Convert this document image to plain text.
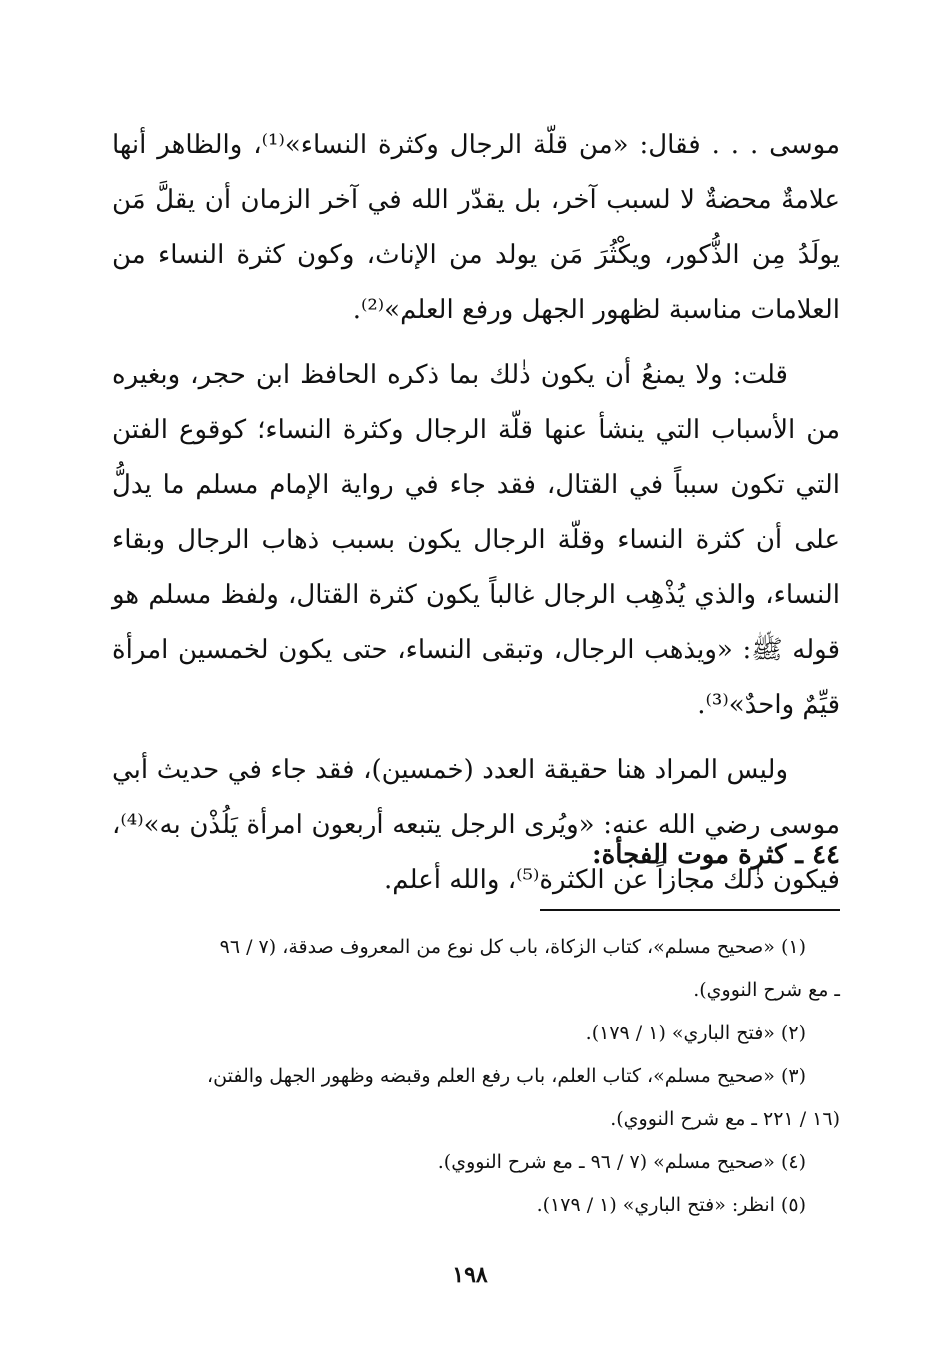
موسى . . . فقال: «من قلّة الرجال وكثرة النساء»⁽¹⁾، والظاهر أنها علامةٌ محضةٌ لا لسبب آخر، بل يقدّر الله في آخر الزمان أن يقلَّ مَن يولَدُ مِن الذُّكور، ويكْثُرَ مَن يولد من الإناث، وكون كثرة النساء من العلامات مناسبة لظهور الجهل ورفع العلم»⁽²⁾.

قلت: ولا يمنعُ أن يكون ذٰلك بما ذكره الحافظ ابن حجر، وبغيره من الأسباب التي ينشأ عنها قلّة الرجال وكثرة النساء؛ كوقوع الفتن التي تكون سبباً في القتال، فقد جاء في رواية الإمام مسلم ما يدلُّ على أن كثرة النساء وقلّة الرجال يكون بسبب ذهاب الرجال وبقاء النساء، والذي يُذْهِب الرجال غالباً يكون كثرة القتال، ولفظ مسلم هو قوله ﷺ: «ويذهب الرجال، وتبقى النساء، حتى يكون لخمسين امرأة قيِّمٌ واحدٌ»⁽³⁾.

وليس المراد هنا حقيقة العدد (خمسين)، فقد جاء في حديث أبي موسى رضي الله عنه: «ويُرى الرجل يتبعه أربعون امرأة يَلُذْن به»⁽⁴⁾، فيكون ذٰلك مجازاً عن الكثرة⁽⁵⁾، والله أعلم.

٤٤ ـ كثرة موت الفجأة:

(١) «صحيح مسلم»، كتاب الزكاة، باب كل نوع من المعروف صدقة، (٧ / ٩٦

ـ مع شرح النووي).

(٢) «فتح الباري» (١ / ١٧٩).

(٣) «صحيح مسلم»، كتاب العلم، باب رفع العلم وقبضه وظهور الجهل والفتن،

(١٦ / ٢٢١ ـ مع شرح النووي).

(٤) «صحيح مسلم» (٧ / ٩٦ ـ مع شرح النووي).

(٥) انظر: «فتح الباري» (١ / ١٧٩).

١٩٨
